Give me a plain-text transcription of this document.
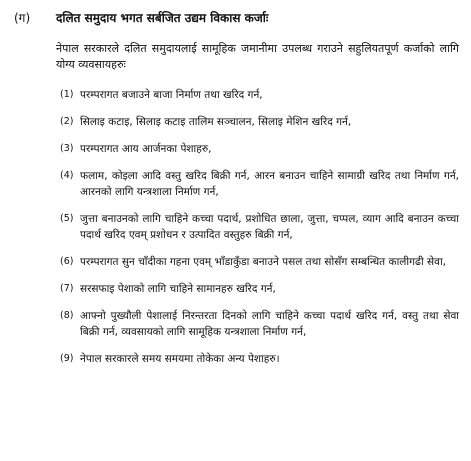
(ग) दलित समुदाय भगत सर्बजित उद्यम विकास कर्जाः
नेपाल सरकारले दलित समुदायलाई सामूहिक जमानीमा उपलब्ध गराउने सहुलियतपूर्ण कर्जाको लागि योग्य व्यवसायहरुः
(1) परम्परागत बजाउने बाजा निर्माण तथा खरिद गर्न,
(2) सिलाइ कटाइ, सिलाइ कटाइ तालिम सञ्चालन, सिलाइ मेशिन खरिद गर्न,
(3) परम्परागत आय आर्जनका पेशाहरु,
(4) फलाम, कोइला आदि वस्तु खरिद बिक्री गर्न, आरन बनाउन चाहिने सामाग्री खरिद तथा निर्माण गर्न, आरनको लागि यन्त्रशाला निर्माण गर्न,
(5) जुत्ता बनाउनको लागि चाहिने कच्चा पदार्थ, प्रशोधित छाला, जुत्ता, चप्पल, व्याग आदि बनाउन कच्चा पदार्थ खरिद एवम् प्रशोधन र उत्पादित वस्तुहरु बिक्री गर्न,
(6) परम्परागत सुन चाँदीका गहना एवम् भाँडाकुँडा बनाउने पसल तथा सोसँग सम्बन्धित कालीगढी सेवा,
(7) सरसफाइ पेशाको लागि चाहिने सामानहरु खरिद गर्न,
(8) आफ्नो पुख्यौली पेशालाई निरन्तरता दिनको लागि चाहिने कच्चा पदार्थ खरिद गर्न, वस्तु तथा सेवा बिक्री गर्न, व्यवसायको लागि सामूहिक यन्त्रशाला निर्माण गर्न,
(9) नेपाल सरकारले समय समयमा तोकेका अन्य पेशाहरु।
